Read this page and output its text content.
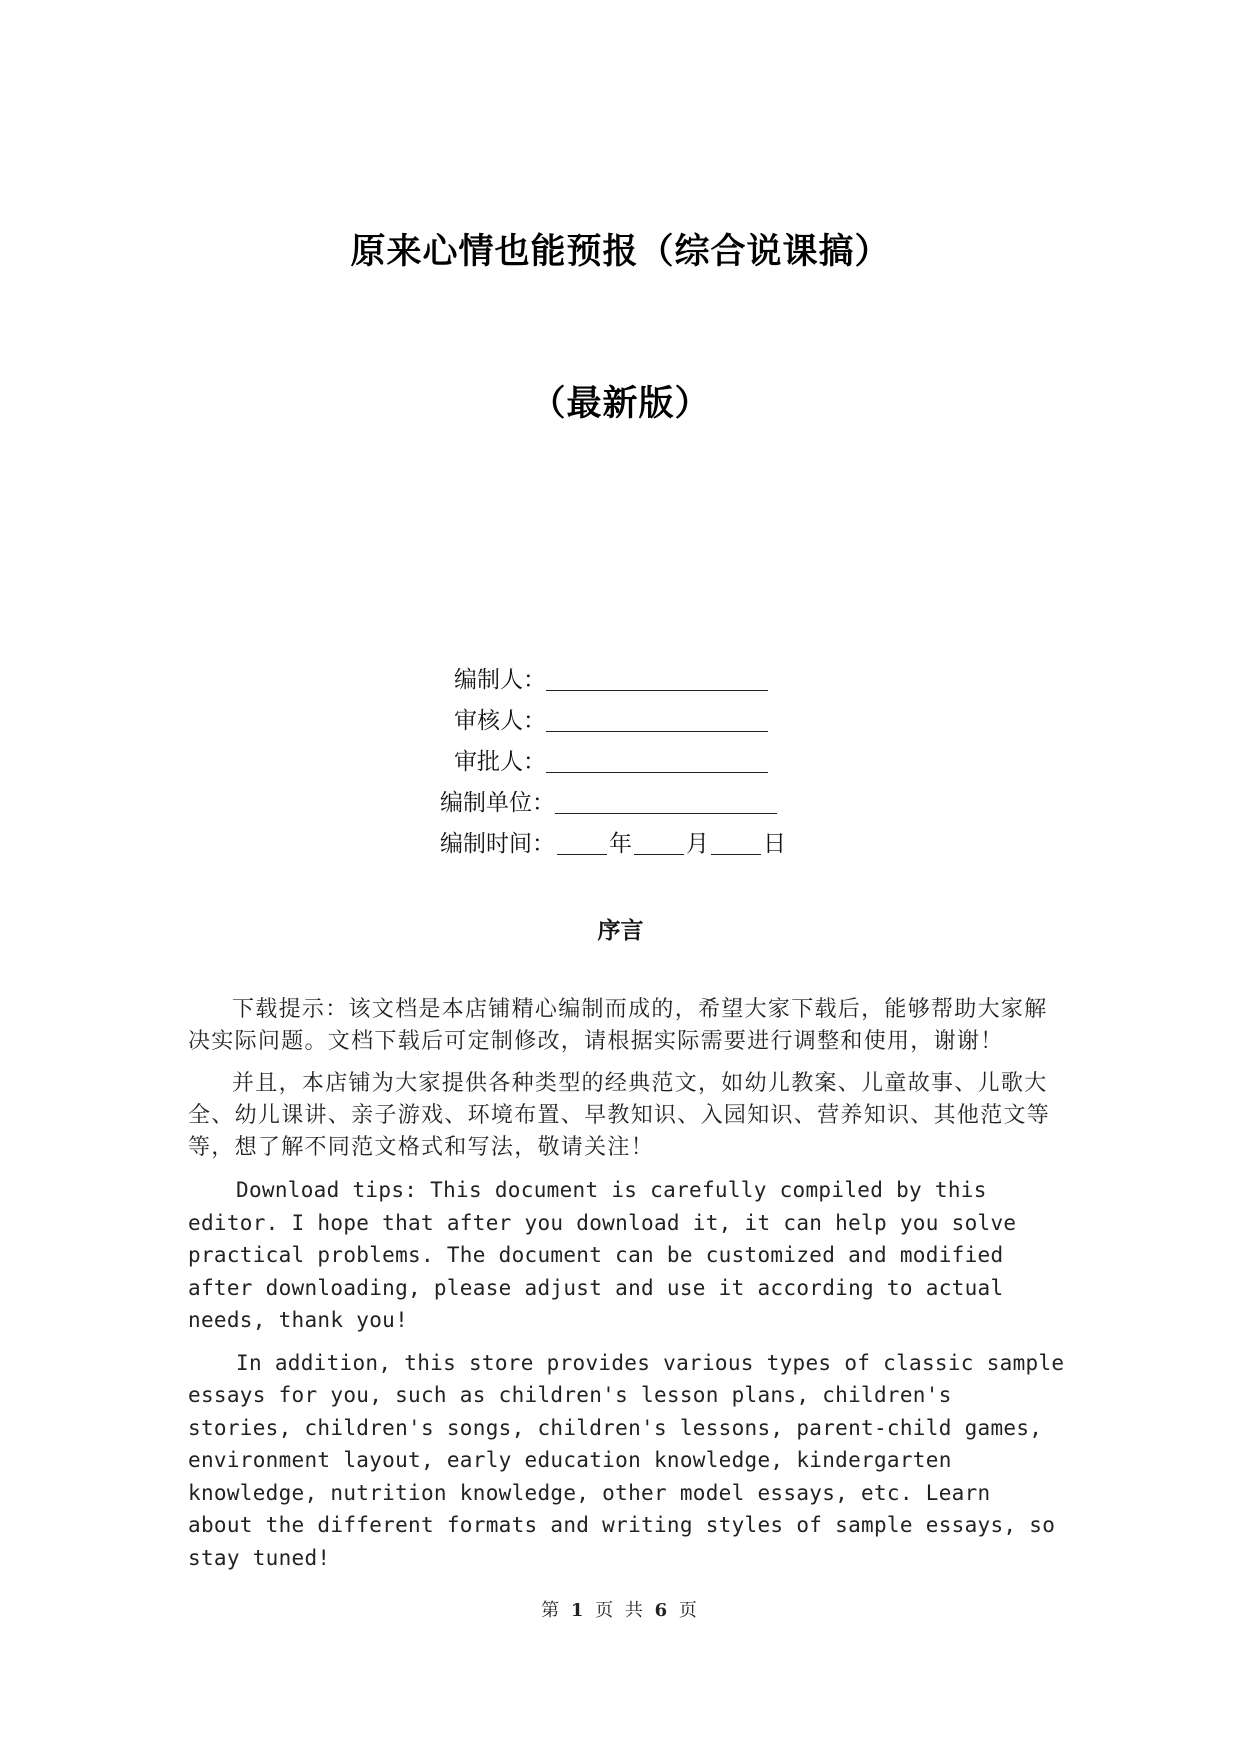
原来心情也能预报（综合说课搞）
（最新版）
编制人：
审核人：
审批人：
编制单位：
编制时间： 年 月 日
序言

下载提示：该文档是本店铺精心编制而成的，希望大家下载后，能够帮助大家解决实际问题。文档下载后可定制修改，请根据实际需要进行调整和使用，谢谢！

并且，本店铺为大家提供各种类型的经典范文，如幼儿教案、儿童故事、儿歌大全、幼儿课讲、亲子游戏、环境布置、早教知识、入园知识、营养知识、其他范文等等，想了解不同范文格式和写法，敬请关注！

Download tips: This document is carefully compiled by this editor. I hope that after you download it, it can help you solve practical problems. The document can be customized and modified after downloading, please adjust and use it according to actual needs, thank you!

In addition, this store provides various types of classic sample essays for you, such as children's lesson plans, children's stories, children's songs, children's lessons, parent-child games, environment layout, early education knowledge, kindergarten knowledge, nutrition knowledge, other model essays, etc. Learn about the different formats and writing styles of sample essays, so stay tuned!

第 1 页 共 6 页
